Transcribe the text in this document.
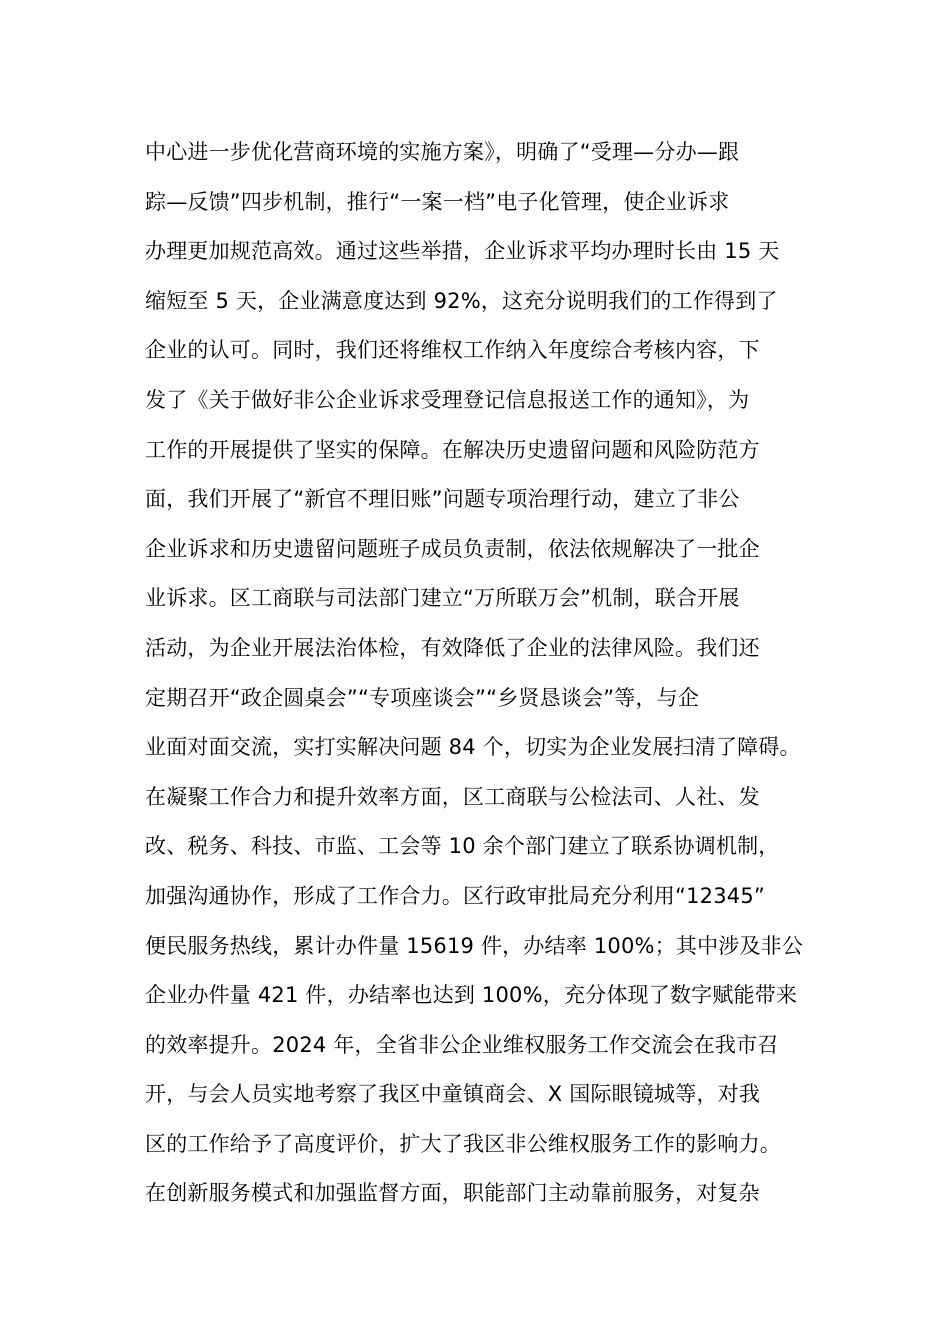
中心进一步优化营商环境的实施方案》，明确了“受理—分办—跟
踪—反馈”四步机制，推行“一案一档”电子化管理，使企业诉求
办理更加规范高效。通过这些举措，企业诉求平均办理时长由 15 天
缩短至 5 天，企业满意度达到 92%，这充分说明我们的工作得到了
企业的认可。同时，我们还将维权工作纳入年度综合考核内容，下
发了《关于做好非公企业诉求受理登记信息报送工作的通知》，为
工作的开展提供了坚实的保障。在解决历史遗留问题和风险防范方
面，我们开展了“新官不理旧账”问题专项治理行动，建立了非公
企业诉求和历史遗留问题班子成员负责制，依法依规解决了一批企
业诉求。区工商联与司法部门建立“万所联万会”机制，联合开展
活动，为企业开展法治体检，有效降低了企业的法律风险。我们还
定期召开“政企圆桌会”“专项座谈会”“乡贤恳谈会”等，与企
业面对面交流，实打实解决问题 84 个，切实为企业发展扫清了障碍。
在凝聚工作合力和提升效率方面，区工商联与公检法司、人社、发
改、税务、科技、市监、工会等 10 余个部门建立了联系协调机制，
加强沟通协作，形成了工作合力。区行政审批局充分利用“12345”
便民服务热线，累计办件量 15619 件，办结率 100%；其中涉及非公
企业办件量 421 件，办结率也达到 100%，充分体现了数字赋能带来
的效率提升。2024 年，全省非公企业维权服务工作交流会在我市召
开，与会人员实地考察了我区中童镇商会、X 国际眼镜城等，对我
区的工作给予了高度评价，扩大了我区非公维权服务工作的影响力。
在创新服务模式和加强监督方面，职能部门主动靠前服务，对复杂
